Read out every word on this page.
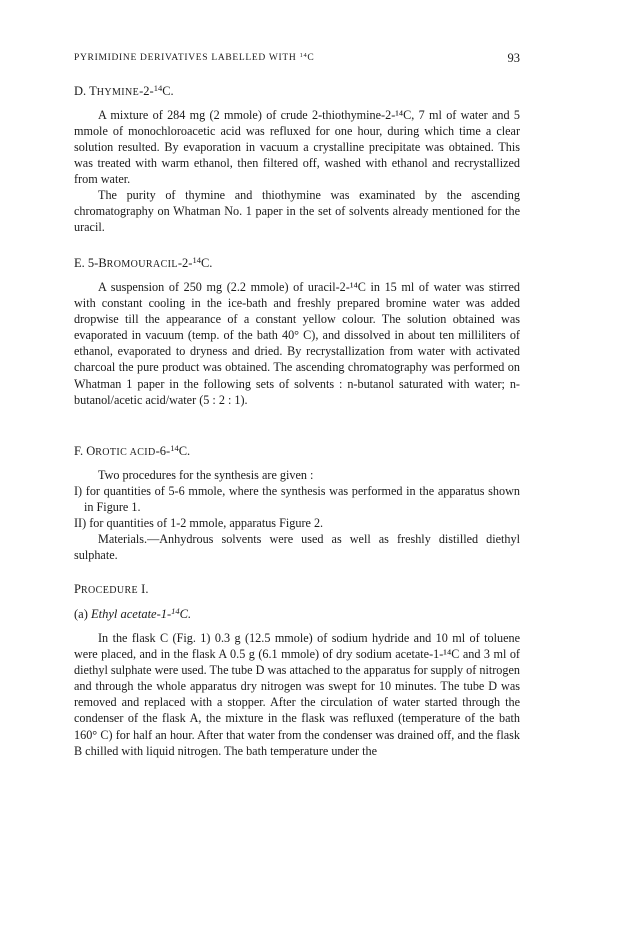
PYRIMIDINE DERIVATIVES LABELLED WITH $^{14}$C	93
D. THYMINE-2-$^{14}$C.
A mixture of 284 mg (2 mmole) of crude 2-thiothymine-2-¹⁴C, 7 ml of water and 5 mmole of monochloroacetic acid was refluxed for one hour, during which time a clear solution resulted. By evaporation in vacuum a crystalline precipitate was obtained. This was treated with warm ethanol, then filtered off, washed with ethanol and recrystallized from water.
The purity of thymine and thiothymine was examinated by the ascending chromatography on Whatman No. 1 paper in the set of solvents already mentioned for the uracil.
E. 5-BROMOURACIL-2-$^{14}$C.
A suspension of 250 mg (2.2 mmole) of uracil-2-¹⁴C in 15 ml of water was stirred with constant cooling in the ice-bath and freshly prepared bromine water was added dropwise till the appearance of a constant yellow colour. The solution obtained was evaporated in vacuum (temp. of the bath 40° C), and dissolved in about ten milliliters of ethanol, evaporated to dryness and dried. By recrystallization from water with activated charcoal the pure product was obtained. The ascending chromatography was performed on Whatman 1 paper in the following sets of solvents : n-butanol saturated with water; n-butanol/acetic acid/water (5 : 2 : 1).
F. OROTIC ACID-6-$^{14}$C.
Two procedures for the synthesis are given :
I) for quantities of 5-6 mmole, where the synthesis was performed in the apparatus shown in Figure 1.
II) for quantities of 1-2 mmole, apparatus Figure 2.
Materials.—Anhydrous solvents were used as well as freshly distilled diethyl sulphate.
PROCEDURE I.
(a) Ethyl acetate-1-$^{14}$C.
In the flask C (Fig. 1) 0.3 g (12.5 mmole) of sodium hydride and 10 ml of toluene were placed, and in the flask A 0.5 g (6.1 mmole) of dry sodium acetate-1-¹⁴C and 3 ml of diethyl sulphate were used. The tube D was attached to the apparatus for supply of nitrogen and through the whole apparatus dry nitrogen was swept for 10 minutes. The tube D was removed and replaced with a stopper. After the circulation of water started through the condenser of the flask A, the mixture in the flask was refluxed (temperature of the bath 160° C) for half an hour. After that water from the condenser was drained off, and the flask B chilled with liquid nitrogen. The bath temperature under the
